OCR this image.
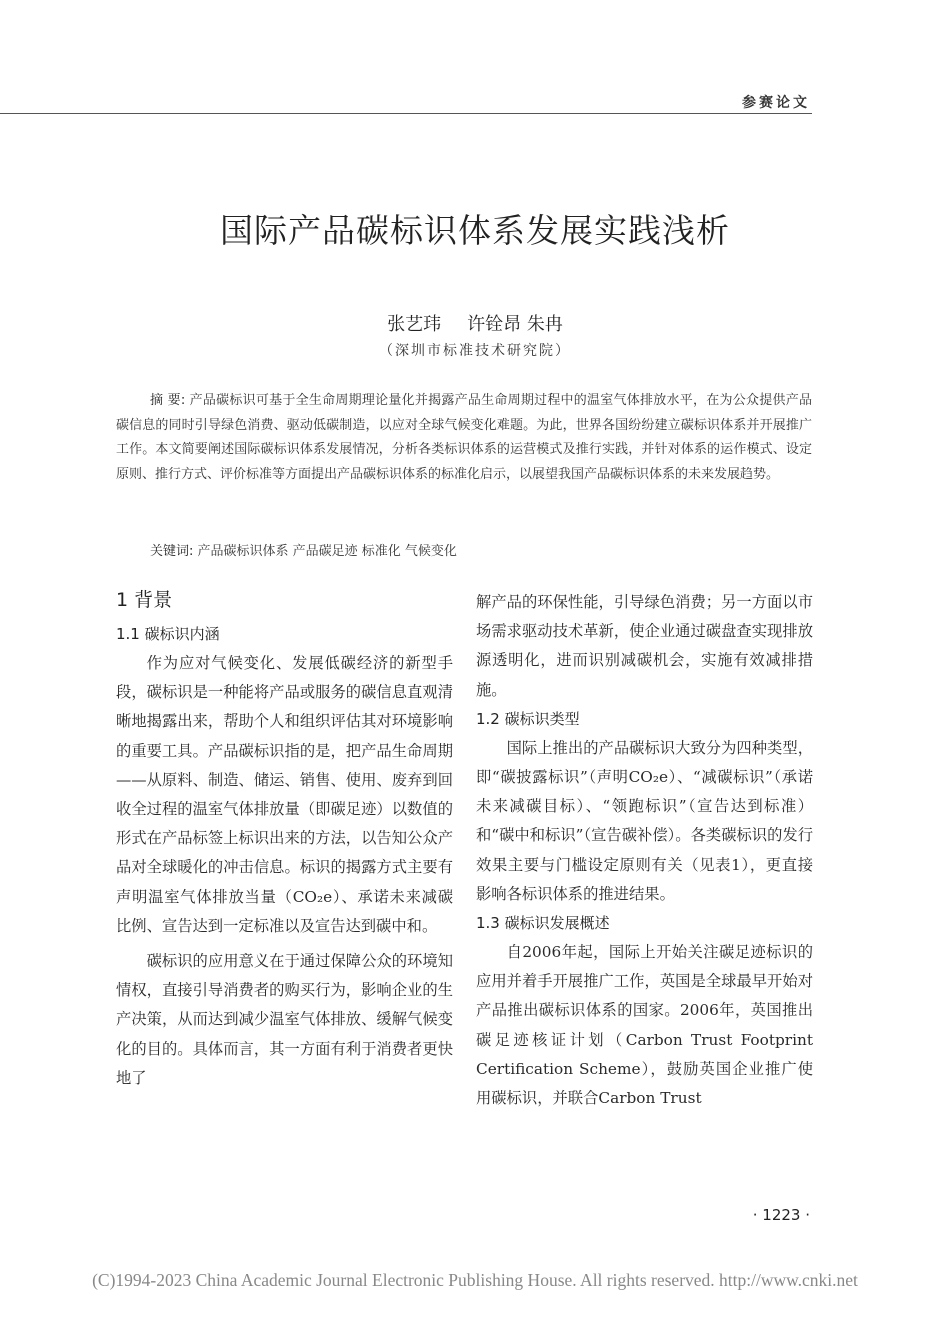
参赛论文
国际产品碳标识体系发展实践浅析
张艺玮 许铨昂 朱冉
（深圳市标准技术研究院）
摘 要: 产品碳标识可基于全生命周期理论量化并揭露产品生命周期过程中的温室气体排放水平，在为公众提供产品碳信息的同时引导绿色消费、驱动低碳制造，以应对全球气候变化难题。为此，世界各国纷纷建立碳标识体系并开展推广工作。本文简要阐述国际碳标识体系发展情况，分析各类标识体系的运营模式及推行实践，并针对体系的运作模式、设定原则、推行方式、评价标准等方面提出产品碳标识体系的标准化启示，以展望我国产品碳标识体系的未来发展趋势。
关键词: 产品碳标识体系 产品碳足迹 标准化 气候变化
1 背景
1.1 碳标识内涵

作为应对气候变化、发展低碳经济的新型手段，碳标识是一种能将产品或服务的碳信息直观清晰地揭露出来，帮助个人和组织评估其对环境影响的重要工具。产品碳标识指的是，把产品生命周期——从原料、制造、储运、销售、使用、废弃到回收全过程的温室气体排放量（即碳足迹）以数值的形式在产品标签上标识出来的方法，以告知公众产品对全球暖化的冲击信息。标识的揭露方式主要有声明温室气体排放当量（CO₂e）、承诺未来减碳比例、宣告达到一定标准以及宣告达到碳中和。

碳标识的应用意义在于通过保障公众的环境知情权，直接引导消费者的购买行为，影响企业的生产决策，从而达到减少温室气体排放、缓解气候变化的目的。具体而言，其一方面有利于消费者更快地了

解产品的环保性能，引导绿色消费；另一方面以市场需求驱动技术革新，使企业通过碳盘查实现排放源透明化，进而识别减碳机会，实施有效减排措施。

1.2 碳标识类型

国际上推出的产品碳标识大致分为四种类型，即“碳披露标识”（声明CO₂e）、“减碳标识”（承诺未来减碳目标）、“领跑标识”（宣告达到标准）和“碳中和标识”（宣告碳补偿）。各类碳标识的发行效果主要与门槛设定原则有关（见表1），更直接影响各标识体系的推进结果。

1.3 碳标识发展概述

自2006年起，国际上开始关注碳足迹标识的应用并着手开展推广工作，英国是全球最早开始对产品推出碳标识体系的国家。2006年，英国推出碳足迹核证计划（Carbon Trust Footprint Certification Scheme），鼓励英国企业推广使用碳标识，并联合Carbon Trust

· 1223 ·
(C)1994-2023 China Academic Journal Electronic Publishing House. All rights reserved. http://www.cnki.net
